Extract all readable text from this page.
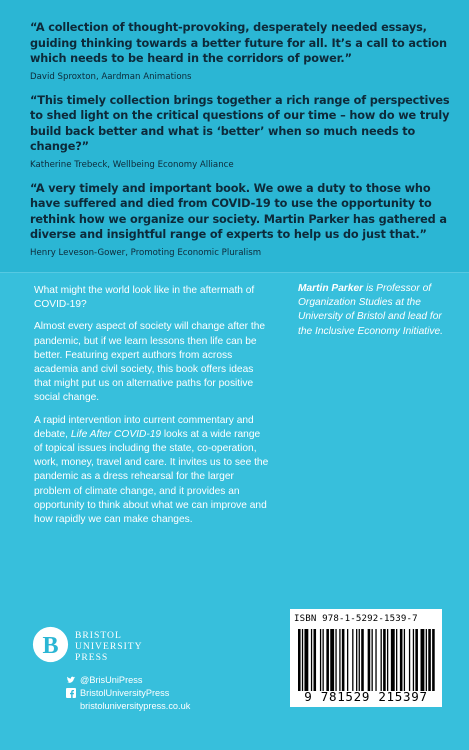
“A collection of thought-provoking, desperately needed essays, guiding thinking towards a better future for all. It’s a call to action which needs to be heard in the corridors of power.”
David Sproxton, Aardman Animations
“This timely collection brings together a rich range of perspectives to shed light on the critical questions of our time – how do we truly build back better and what is ‘better’ when so much needs to change?”
Katherine Trebeck, Wellbeing Economy Alliance
“A very timely and important book. We owe a duty to those who have suffered and died from COVID-19 to use the opportunity to rethink how we organize our society. Martin Parker has gathered a diverse and insightful range of experts to help us do just that.”
Henry Leveson-Gower, Promoting Economic Pluralism

What might the world look like in the aftermath of COVID-19?

Almost every aspect of society will change after the pandemic, but if we learn lessons then life can be better. Featuring expert authors from across academia and civil society, this book offers ideas that might put us on alternative paths for positive social change.

A rapid intervention into current commentary and debate, Life After COVID-19 looks at a wide range of topical issues including the state, co-operation, work, money, travel and care. It invites us to see the pandemic as a dress rehearsal for the larger problem of climate change, and it provides an opportunity to think about what we can improve and how rapidly we can make changes.

Martin Parker is Professor of Organization Studies at the University of Bristol and lead for the Inclusive Economy Initiative.

B BRISTOL
UNIVERSITY
PRESS
@BrisUniPress
BristolUniversityPress
bristoluniversitypress.co.uk
ISBN 978-1-5292-1539-7
9 781529 215397
